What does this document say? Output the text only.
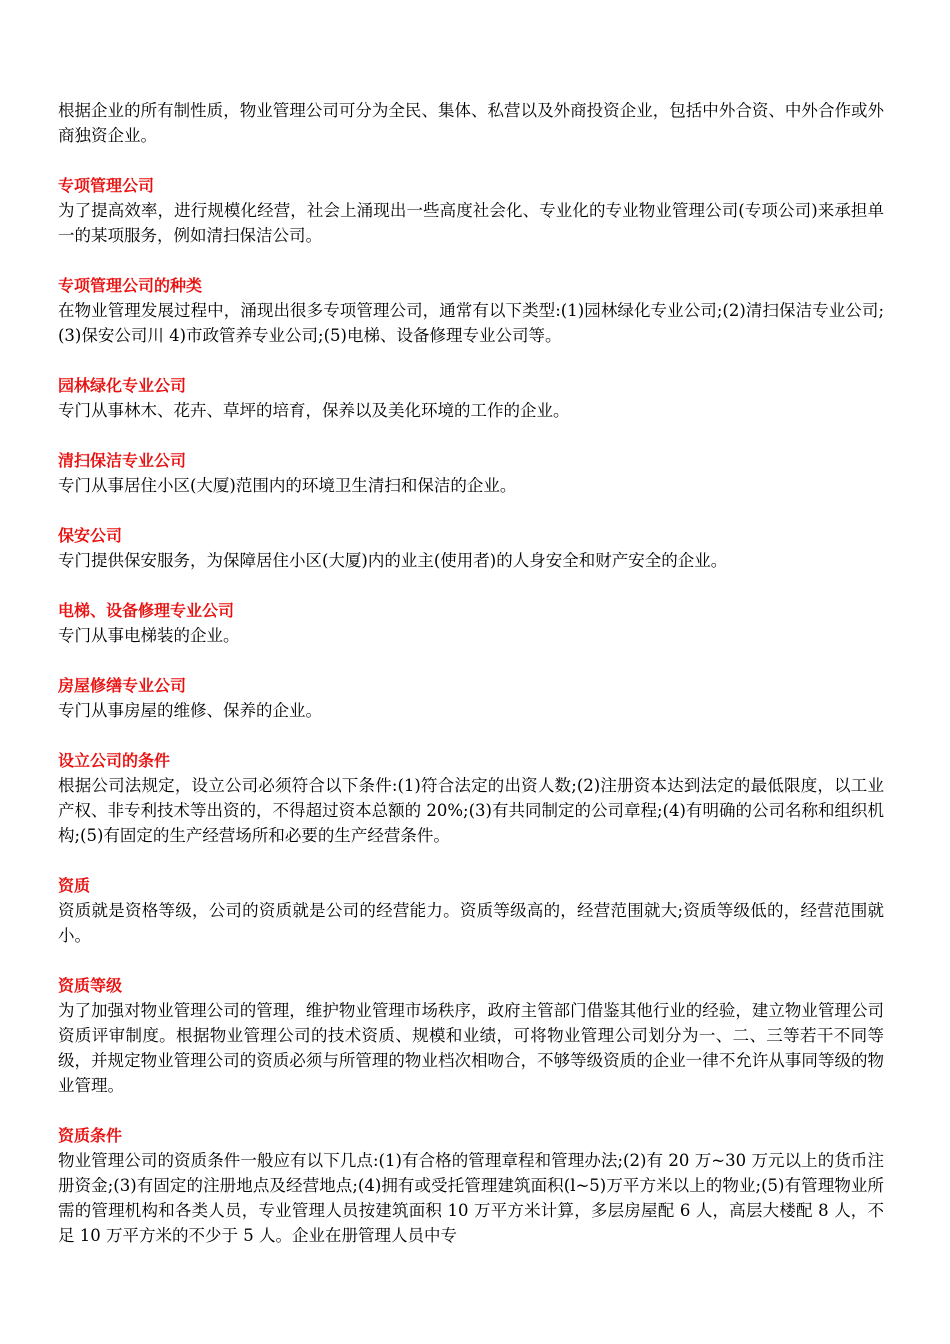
根据企业的所有制性质，物业管理公司可分为全民、集体、私营以及外商投资企业，包括中外合资、中外合作或外商独资企业。

专项管理公司

为了提高效率，进行规模化经营，社会上涌现出一些高度社会化、专业化的专业物业管理公司(专项公司)来承担单一的某项服务，例如清扫保洁公司。

专项管理公司的种类

在物业管理发展过程中，涌现出很多专项管理公司，通常有以下类型:(1)园林绿化专业公司;(2)清扫保洁专业公司;(3)保安公司川 4)市政管养专业公司;(5)电梯、设备修理专业公司等。

园林绿化专业公司

专门从事林木、花卉、草坪的培育，保养以及美化环境的工作的企业。

清扫保洁专业公司

专门从事居住小区(大厦)范围内的环境卫生清扫和保洁的企业。

保安公司

专门提供保安服务，为保障居住小区(大厦)内的业主(使用者)的人身安全和财产安全的企业。

电梯、设备修理专业公司

专门从事电梯装的企业。

房屋修缮专业公司

专门从事房屋的维修、保养的企业。

设立公司的条件

根据公司法规定，设立公司必须符合以下条件:(1)符合法定的出资人数;(2)注册资本达到法定的最低限度，以工业产权、非专利技术等出资的，不得超过资本总额的 20%;(3)有共同制定的公司章程;(4)有明确的公司名称和组织机构;(5)有固定的生产经营场所和必要的生产经营条件。

资质

资质就是资格等级，公司的资质就是公司的经营能力。资质等级高的，经营范围就大;资质等级低的，经营范围就小。

资质等级

为了加强对物业管理公司的管理，维护物业管理市场秩序，政府主管部门借鉴其他行业的经验，建立物业管理公司资质评审制度。根据物业管理公司的技术资质、规模和业绩，可将物业管理公司划分为一、二、三等若干不同等级，并规定物业管理公司的资质必须与所管理的物业档次相吻合，不够等级资质的企业一律不允许从事同等级的物业管理。

资质条件

物业管理公司的资质条件一般应有以下几点:(1)有合格的管理章程和管理办法;(2)有 20 万~30 万元以上的货币注册资金;(3)有固定的注册地点及经营地点;(4)拥有或受托管理建筑面积(l~5)万平方米以上的物业;(5)有管理物业所需的管理机构和各类人员，专业管理人员按建筑面积 10 万平方米计算，多层房屋配 6 人，高层大楼配 8 人，不足 10 万平方米的不少于 5 人。企业在册管理人员中专
